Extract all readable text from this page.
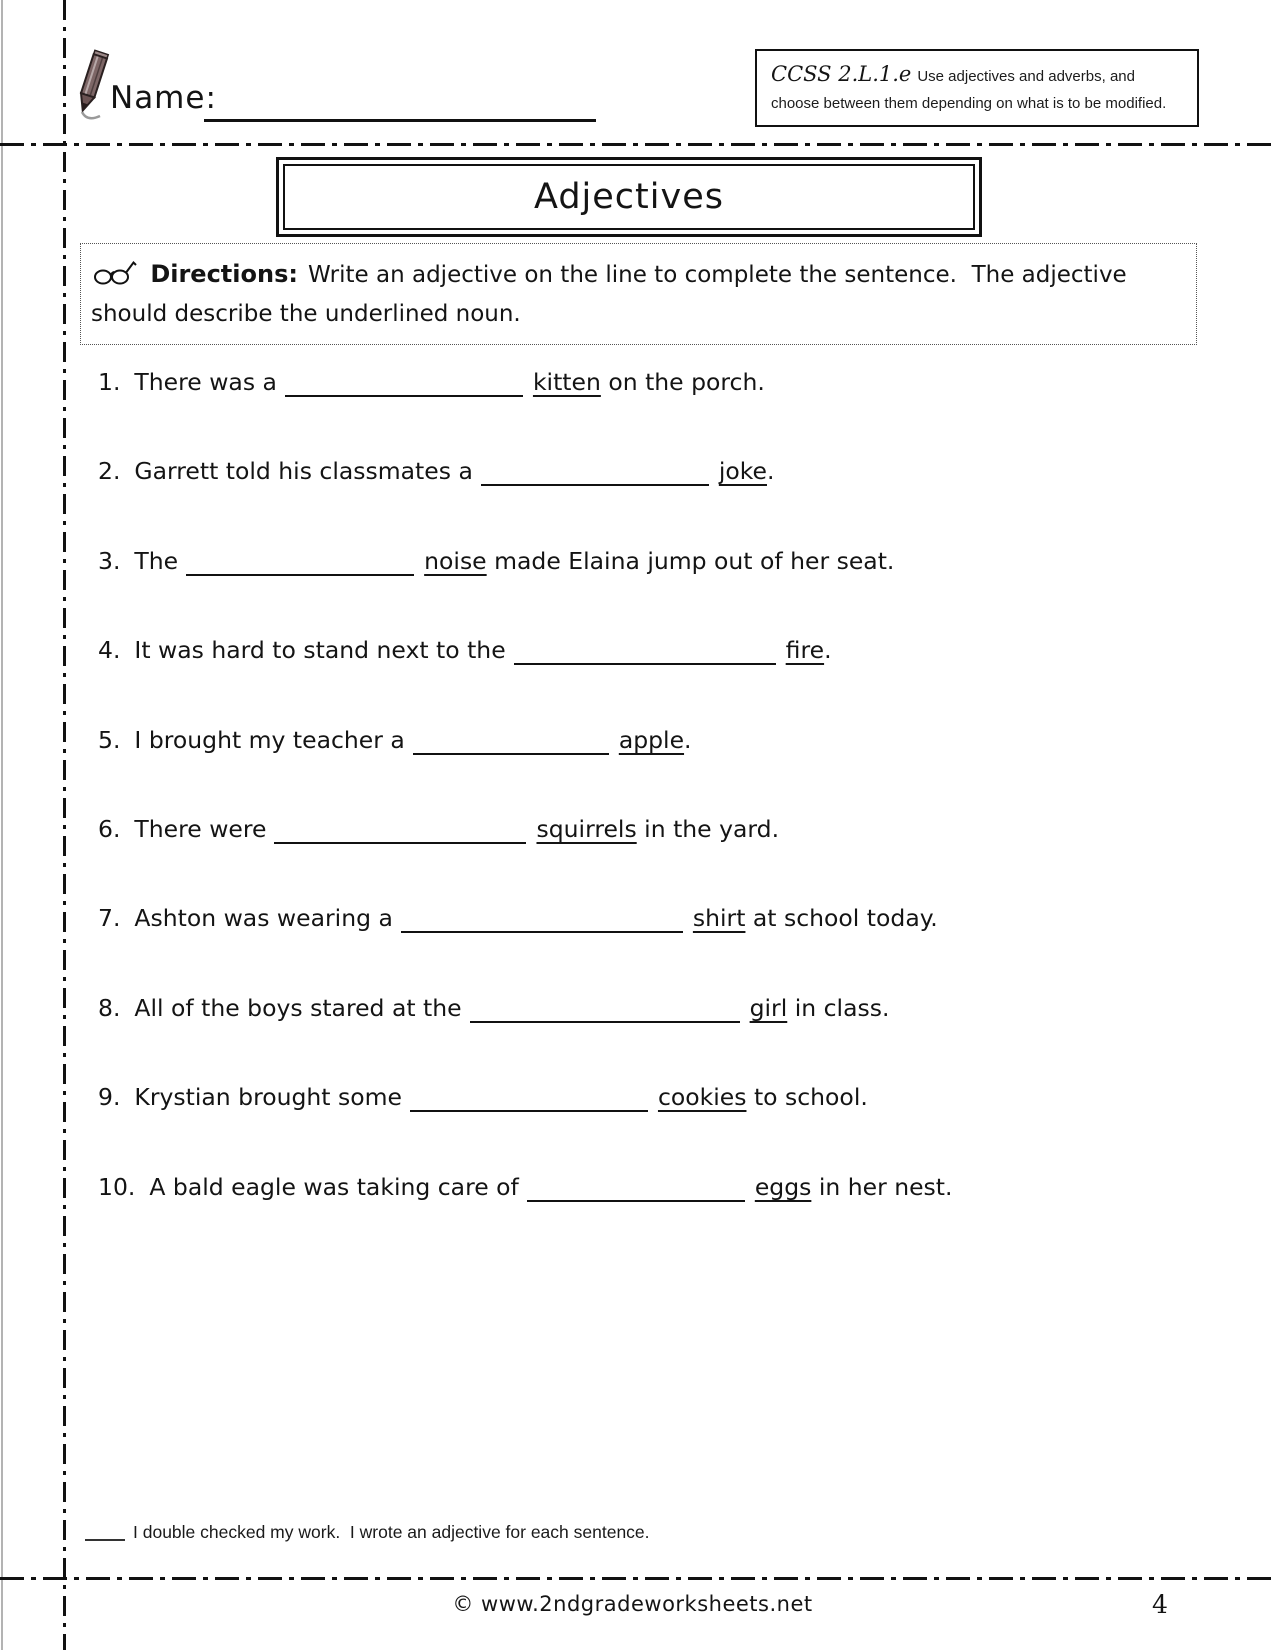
Name:
CCSS 2.L.1.e Use adjectives and adverbs, and choose between them depending on what is to be modified.
Adjectives
Directions: Write an adjective on the line to complete the sentence.  The adjective should describe the underlined noun.
1. There was a	kitten on the porch.
2. Garrett told his classmates a	joke.
3. The	noise made Elaina jump out of her seat.
4. It was hard to stand next to the	fire.
5. I brought my teacher a	apple.
6. There were	squirrels in the yard.
7. Ashton was wearing a	shirt at school today.
8. All of the boys stared at the	girl in class.
9. Krystian brought some	cookies to school.
10. A bald eagle was taking care of	eggs in her nest.
I double checked my work.  I wrote an adjective for each sentence.
© www.2ndgradeworksheets.net	4
